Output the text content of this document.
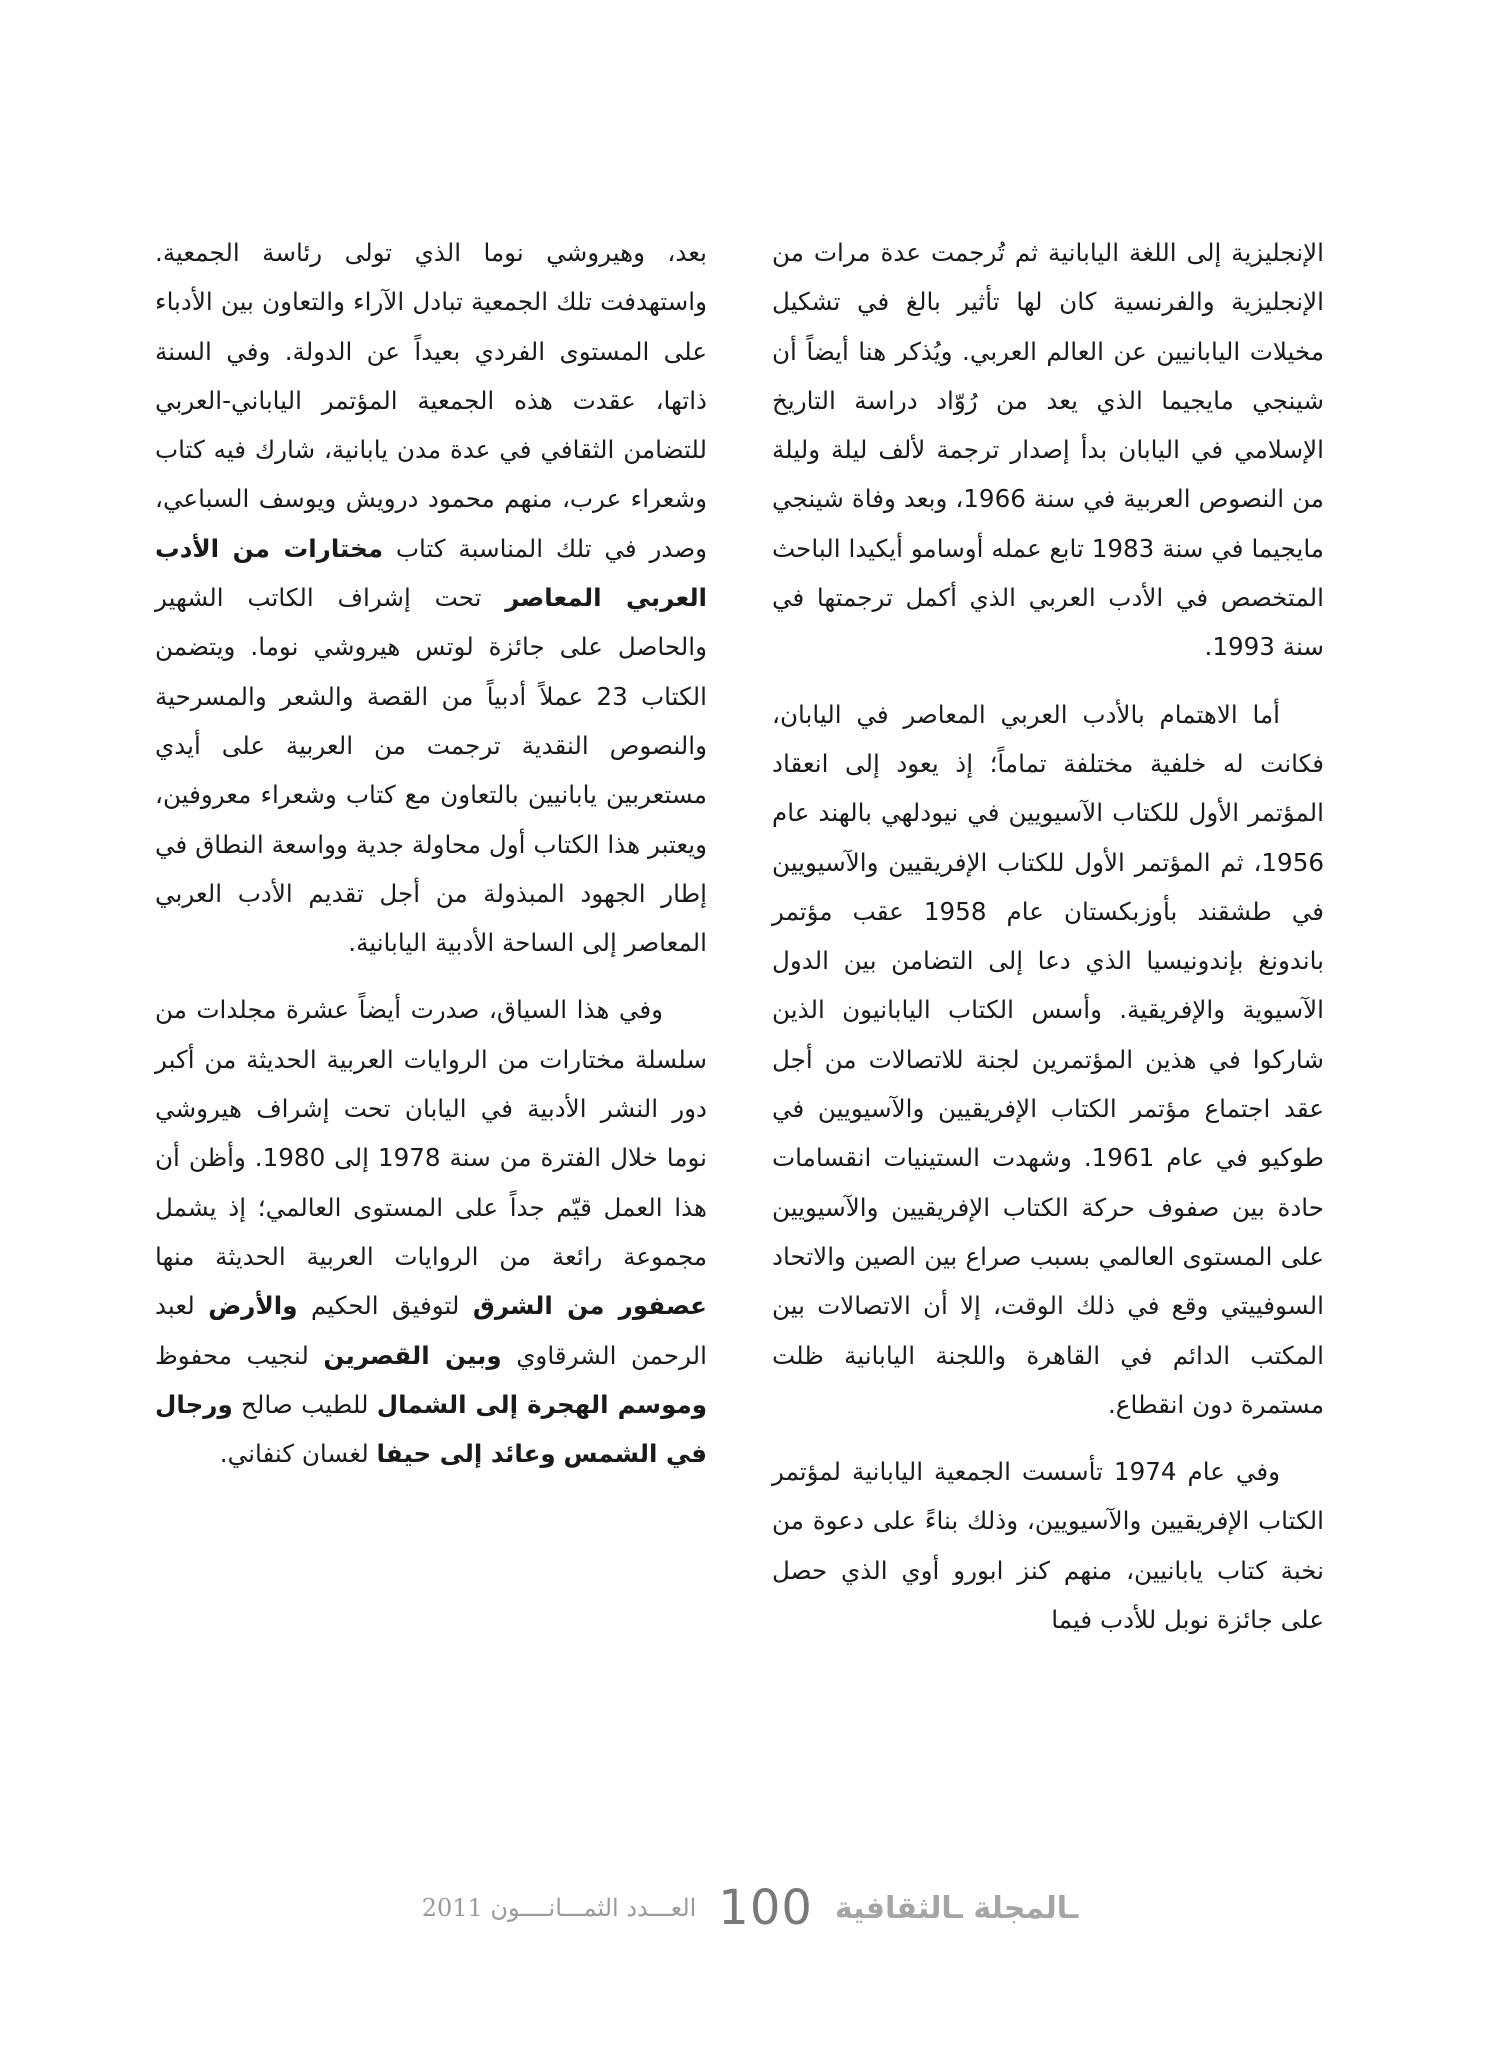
الإنجليزية إلى اللغة اليابانية ثم تُرجمت عدة مرات من الإنجليزية والفرنسية كان لها تأثير بالغ في تشكيل مخيلات اليابانيين عن العالم العربي. ويُذكر هنا أيضاً أن شينجي مايجيما الذي يعد من رُوّاد دراسة التاريخ الإسلامي في اليابان بدأ إصدار ترجمة لألف ليلة وليلة من النصوص العربية في سنة 1966، وبعد وفاة شينجي مايجيما في سنة 1983 تابع عمله أوسامو أيكيدا الباحث المتخصص في الأدب العربي الذي أكمل ترجمتها في سنة 1993.

أما الاهتمام بالأدب العربي المعاصر في اليابان، فكانت له خلفية مختلفة تماماً؛ إذ يعود إلى انعقاد المؤتمر الأول للكتاب الآسيويين في نيودلهي بالهند عام 1956، ثم المؤتمر الأول للكتاب الإفريقيين والآسيويين في طشقند بأوزبكستان عام 1958 عقب مؤتمر باندونغ بإندونيسيا الذي دعا إلى التضامن بين الدول الآسيوية والإفريقية. وأسس الكتاب اليابانيون الذين شاركوا في هذين المؤتمرين لجنة للاتصالات من أجل عقد اجتماع مؤتمر الكتاب الإفريقيين والآسيويين في طوكيو في عام 1961. وشهدت الستينيات انقسامات حادة بين صفوف حركة الكتاب الإفريقيين والآسيويين على المستوى العالمي بسبب صراع بين الصين والاتحاد السوفييتي وقع في ذلك الوقت، إلا أن الاتصالات بين المكتب الدائم في القاهرة واللجنة اليابانية ظلت مستمرة دون انقطاع.

وفي عام 1974 تأسست الجمعية اليابانية لمؤتمر الكتاب الإفريقيين والآسيويين، وذلك بناءً على دعوة من نخبة كتاب يابانيين، منهم كنز ابورو أوي الذي حصل على جائزة نوبل للأدب فيما

بعد، وهيروشي نوما الذي تولى رئاسة الجمعية. واستهدفت تلك الجمعية تبادل الآراء والتعاون بين الأدباء على المستوى الفردي بعيداً عن الدولة. وفي السنة ذاتها، عقدت هذه الجمعية المؤتمر الياباني-العربي للتضامن الثقافي في عدة مدن يابانية، شارك فيه كتاب وشعراء عرب، منهم محمود درويش ويوسف السباعي، وصدر في تلك المناسبة كتاب مختارات من الأدب العربي المعاصر تحت إشراف الكاتب الشهير والحاصل على جائزة لوتس هيروشي نوما. ويتضمن الكتاب 23 عملاً أدبياً من القصة والشعر والمسرحية والنصوص النقدية ترجمت من العربية على أيدي مستعربين يابانيين بالتعاون مع كتاب وشعراء معروفين، ويعتبر هذا الكتاب أول محاولة جدية وواسعة النطاق في إطار الجهود المبذولة من أجل تقديم الأدب العربي المعاصر إلى الساحة الأدبية اليابانية.

وفي هذا السياق، صدرت أيضاً عشرة مجلدات من سلسلة مختارات من الروايات العربية الحديثة من أكبر دور النشر الأدبية في اليابان تحت إشراف هيروشي نوما خلال الفترة من سنة 1978 إلى 1980. وأظن أن هذا العمل قيّم جداً على المستوى العالمي؛ إذ يشمل مجموعة رائعة من الروايات العربية الحديثة منها عصفور من الشرق لتوفيق الحكيم والأرض لعبد الرحمن الشرقاوي وبين القصرين لنجيب محفوظ وموسم الهجرة إلى الشمال للطيب صالح ورجال في الشمس وعائد إلى حيفا لغسان كنفاني.

العـــدد الثمـــانــــون 2011 100 ـالمجلة ـالثقافية
